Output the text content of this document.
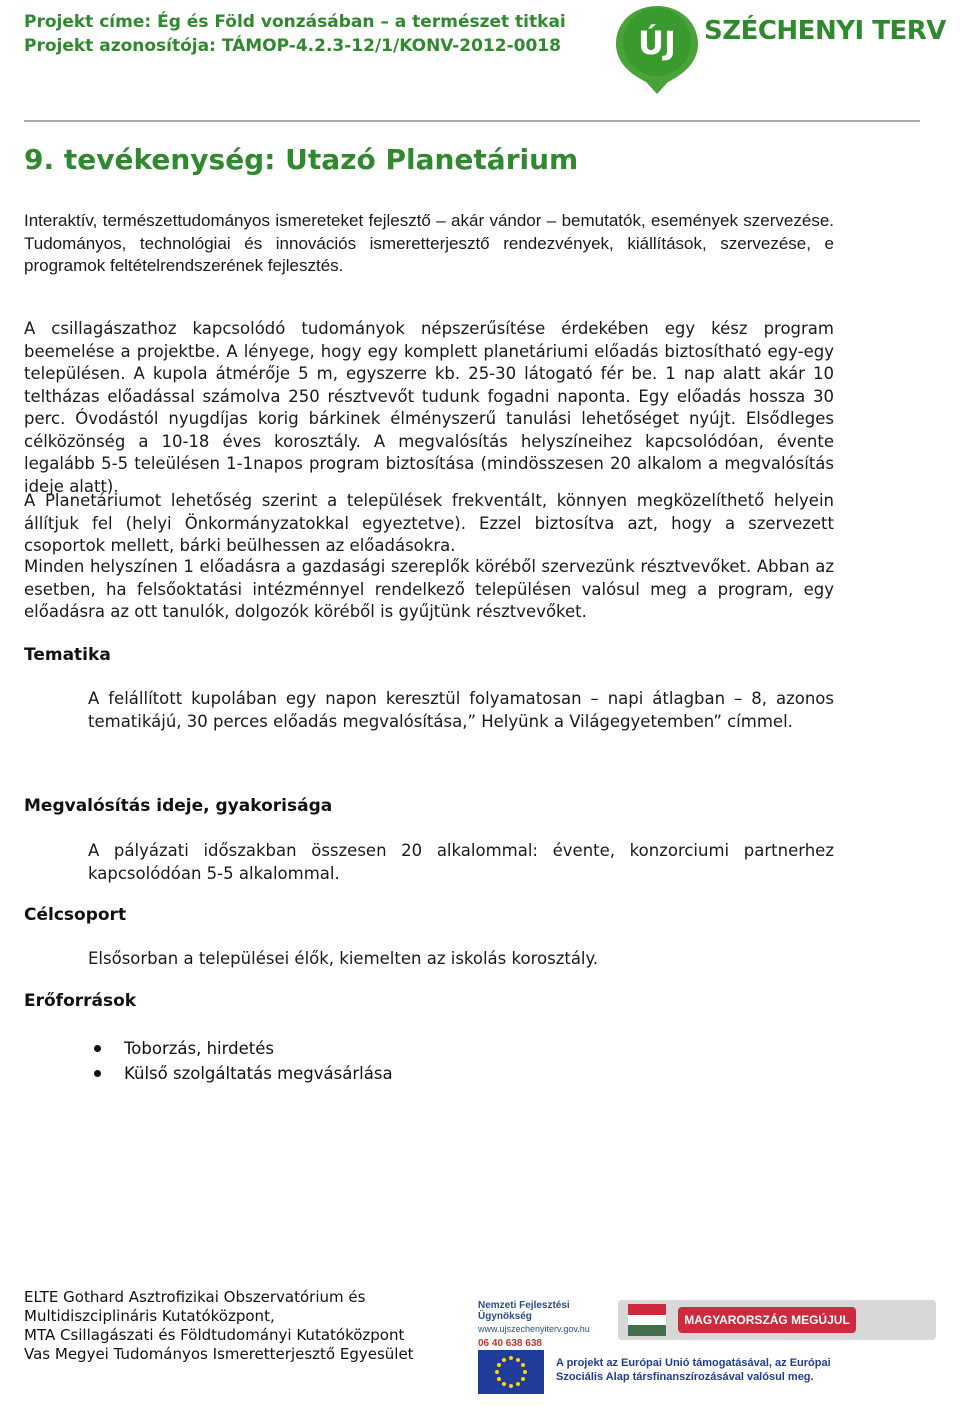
Projekt címe: Ég és Föld vonzásában – a természet titkai
Projekt azonosítója: TÁMOP-4.2.3-12/1/KONV-2012-0018 ÚJ SZÉCHENYI TERV
9. tevékenység: Utazó Planetárium
Interaktív, természettudományos ismereteket fejlesztő – akár vándor – bemutatók, események szervezése. Tudományos, technológiai és innovációs ismeretterjesztő rendezvények, kiállítások, szervezése, e programok feltételrendszerének fejlesztés.
A csillagászathoz kapcsolódó tudományok népszerűsítése érdekében egy kész program beemelése a projektbe. A lényege, hogy egy komplett planetáriumi előadás biztosítható egy-egy településen. A kupola átmérője 5 m, egyszerre kb. 25-30 látogató fér be. 1 nap alatt akár 10 teltházas előadással számolva 250 résztvevőt tudunk fogadni naponta. Egy előadás hossza 30 perc. Óvodástól nyugdíjas korig bárkinek élményszerű tanulási lehetőséget nyújt. Elsődleges célközönség a 10-18 éves korosztály. A megvalósítás helyszíneihez kapcsolódóan, évente legalább 5-5 teleülésen 1-1napos program biztosítása (mindösszesen 20 alkalom a megvalósítás ideje alatt).
A Planetáriumot lehetőség szerint a települések frekventált, könnyen megközelíthető helyein állítjuk fel (helyi Önkormányzatokkal egyeztetve). Ezzel biztosítva azt, hogy a szervezett csoportok mellett, bárki beülhessen az előadásokra.
Minden helyszínen 1 előadásra a gazdasági szereplők köréből szervezünk résztvevőket. Abban az esetben, ha felsőoktatási intézménnyel rendelkező településen valósul meg a program, egy előadásra az ott tanulók, dolgozók köréből is gyűjtünk résztvevőket.
Tematika
A felállított kupolában egy napon keresztül folyamatosan – napi átlagban – 8, azonos tematikájú, 30 perces előadás megvalósítása,” Helyünk a Világegyetemben” címmel.
Megvalósítás ideje, gyakorisága
A pályázati időszakban összesen 20 alkalommal: évente, konzorciumi partnerhez kapcsolódóan 5-5 alkalommal.
Célcsoport
Elsősorban a települései élők, kiemelten az iskolás korosztály.
Erőforrások
Toborzás, hirdetés
Külső szolgáltatás megvásárlása
ELTE Gothard Asztrofizikai Obszervatórium és
Multidiszciplináris Kutatóközpont,
MTA Csillagászati és Földtudományi Kutatóközpont
Vas Megyei Tudományos Ismeretterjesztő Egyesület
Nemzeti Fejlesztési Ügynökség
www.ujszechenyiterv.gov.hu
06 40 638 638
MAGYARORSZÁG MEGÚJUL
A projekt az Európai Unió támogatásával, az Európai Szociális Alap társfinanszírozásával valósul meg.
